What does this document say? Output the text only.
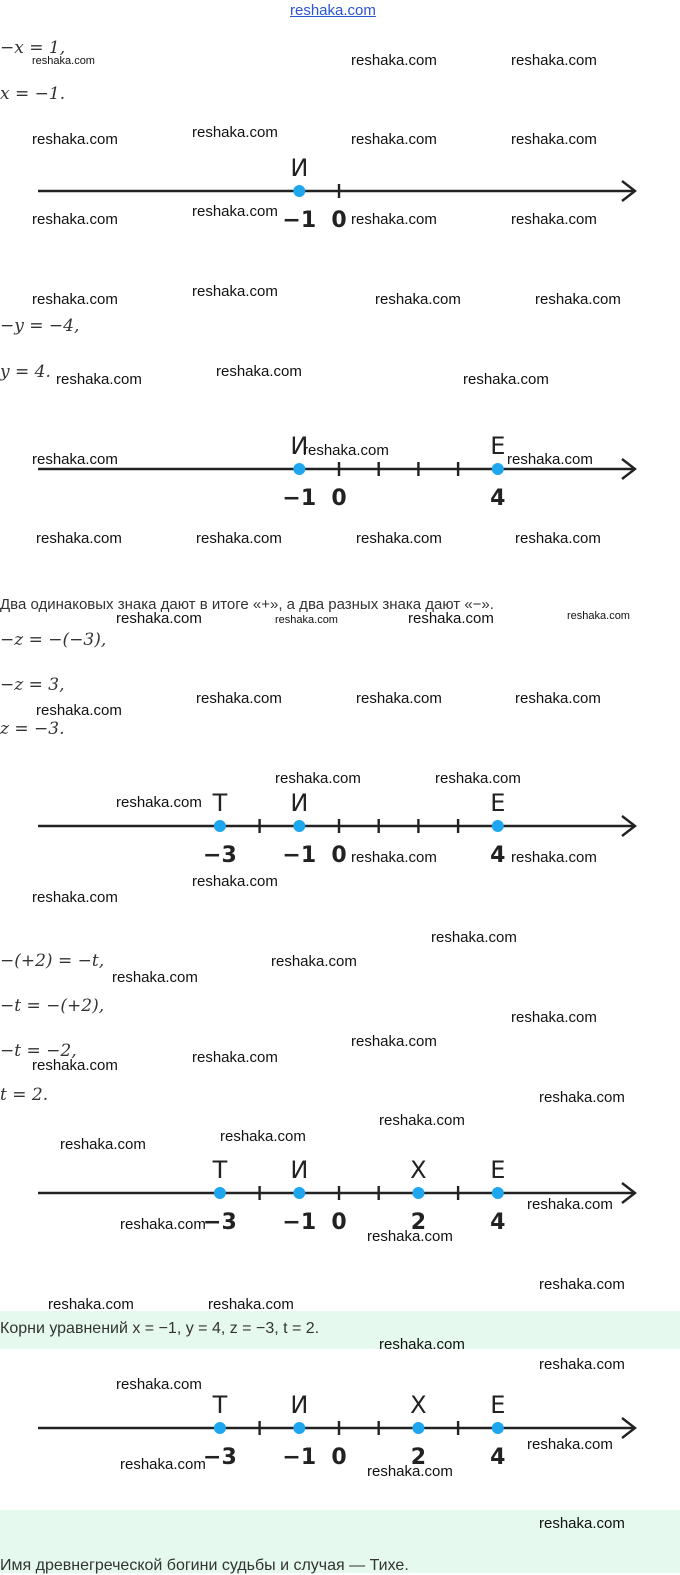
reshaka.com
−x = 1,
x = −1.
И
−1 0
−y = −4,
y = 4.
И	Е
−1 0	4
Два одинаковых знака дают в итоге «+», а два разных знака дают «−».
−z = −(−3),
−z = 3,
z = −3.
Т	И	Е
−3 −1 0	4
−(+2) = −t,
−t = −(+2),
−t = −2,
t = 2.
Т	И	Х	Е
−3 −1 0	2	4
Корни уравнений x = −1, y = 4, z = −3, t = 2.
Т	И	Х	Е
−3 −1 0	2	4
Имя древнегреческой богини судьбы и случая — Тихе.
reshaka.com	reshaka.com	reshaka.com
reshaka.com	reshaka.com	reshaka.com	reshaka.com
reshaka.com	reshaka.com	reshaka.com	reshaka.com
reshaka.com	reshaka.com	reshaka.com	reshaka.com
reshaka.com	reshaka.com	reshaka.com
reshaka.com
reshaka.com
reshaka.com
reshaka.com	reshaka.com	reshaka.com	reshaka.com
reshaka.com	reshaka.com	reshaka.com	reshaka.com
reshaka.com
reshaka.com	reshaka.com	reshaka.com
reshaka.com	reshaka.com
reshaka.com
reshaka.com	reshaka.com
reshaka.com
reshaka.com
reshaka.com
reshaka.com
reshaka.com
reshaka.com
reshaka.com
reshaka.com
reshaka.com
reshaka.com
reshaka.com
reshaka.com
reshaka.com
reshaka.com
reshaka.com
reshaka.com
reshaka.com
reshaka.com	reshaka.com
reshaka.com
reshaka.com
reshaka.com
reshaka.com
reshaka.com	reshaka.com
reshaka.com
